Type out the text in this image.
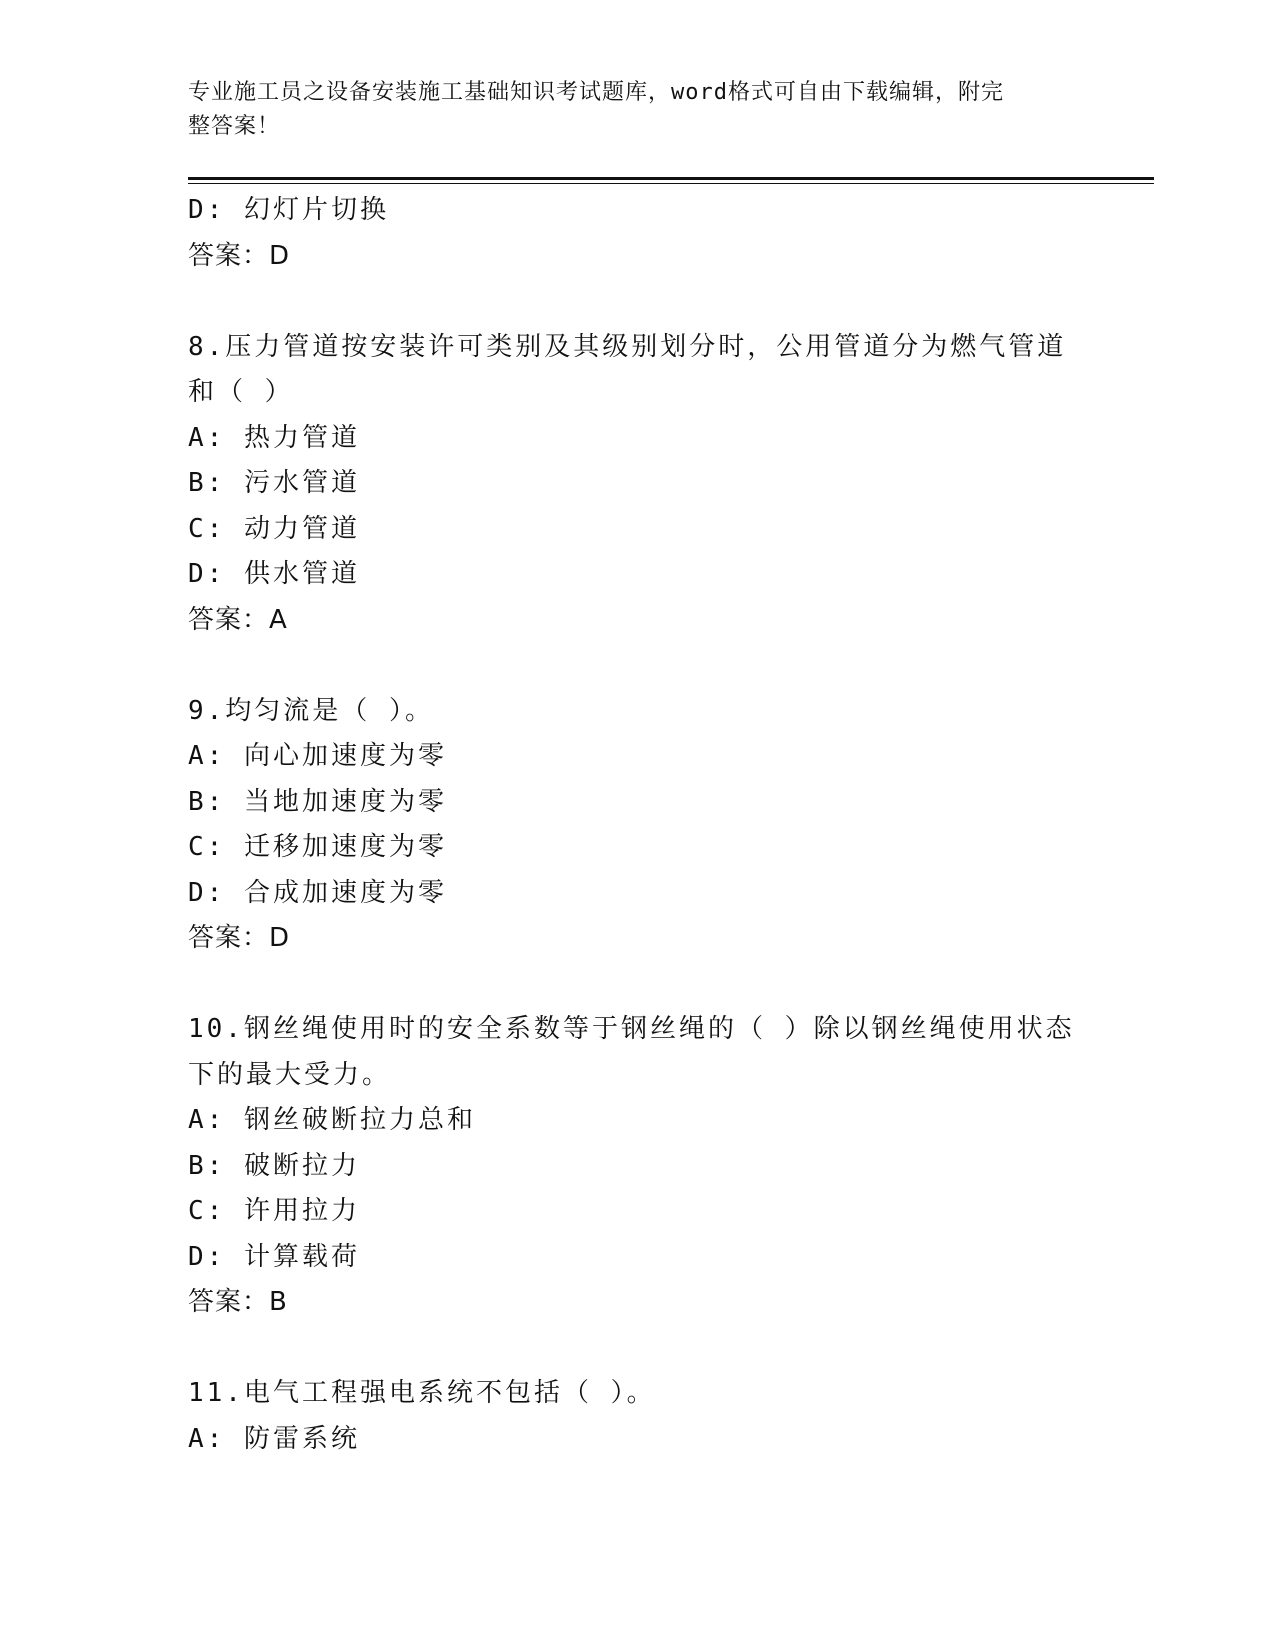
专业施工员之设备安装施工基础知识考试题库，word格式可自由下载编辑，附完
整答案！
D: 幻灯片切换
答案：D
8.压力管道按安装许可类别及其级别划分时，公用管道分为燃气管道
和（ ）
A: 热力管道
B: 污水管道
C: 动力管道
D: 供水管道
答案：A
9.均匀流是（ ）。
A: 向心加速度为零
B: 当地加速度为零
C: 迁移加速度为零
D: 合成加速度为零
答案：D
10.钢丝绳使用时的安全系数等于钢丝绳的（ ）除以钢丝绳使用状态
下的最大受力。
A: 钢丝破断拉力总和
B: 破断拉力
C: 许用拉力
D: 计算载荷
答案：B
11.电气工程强电系统不包括（ ）。
A: 防雷系统
